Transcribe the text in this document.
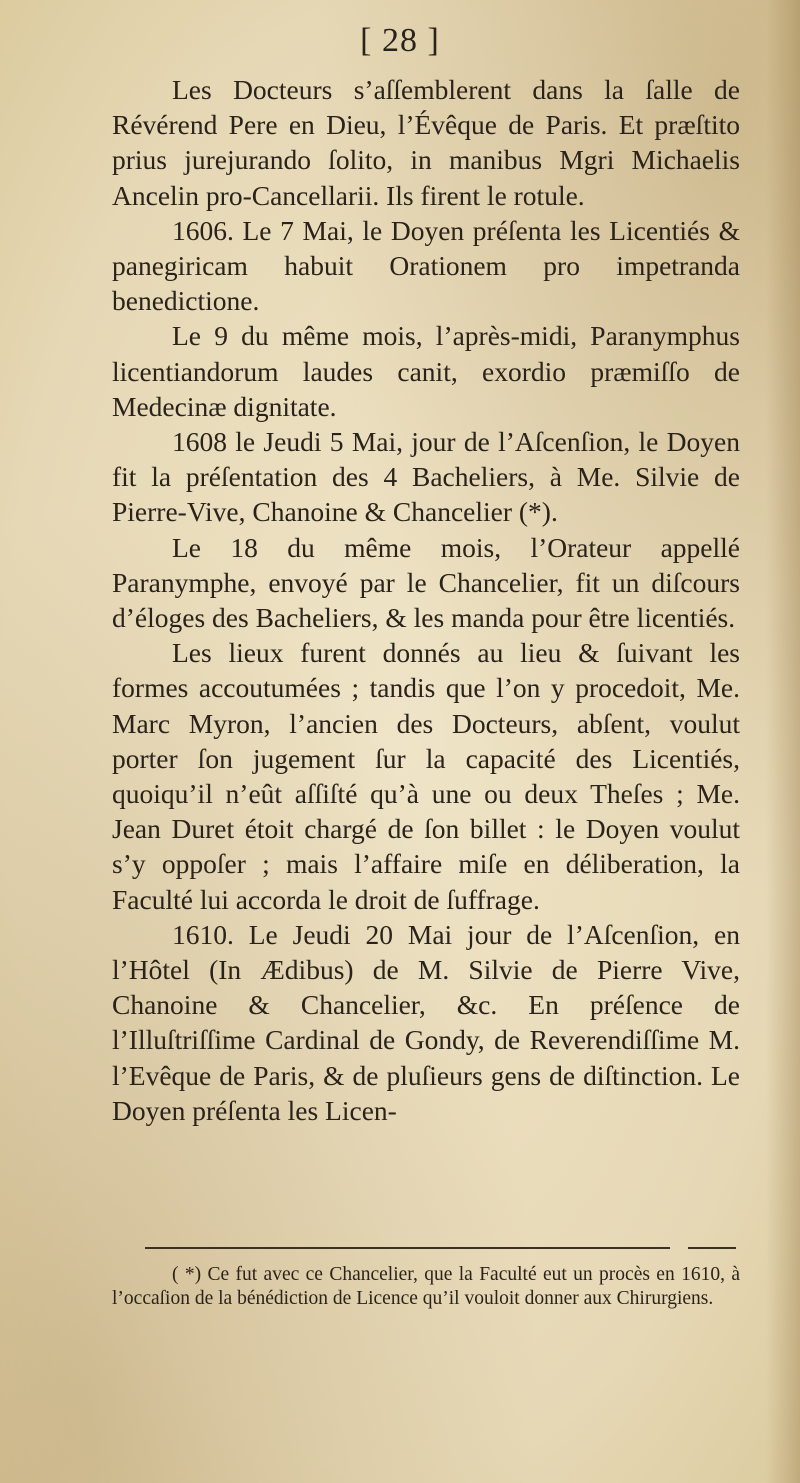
[ 28 ]

Les Docteurs s’aſſemblerent dans la ſalle de Révérend Pere en Dieu, l’Évêque de Paris. Et præſtito prius jurejurando ſolito, in manibus Mgri Michaelis Ancelin pro-Cancellarii. Ils firent le rotule.

1606. Le 7 Mai, le Doyen préſenta les Licentiés & panegiricam habuit Orationem pro impetranda benedictione.

Le 9 du même mois, l’après-midi, Paranymphus licentiandorum laudes canit, exordio præmiſſo de Medecinæ dignitate.

1608 le Jeudi 5 Mai, jour de l’Aſcenſion, le Doyen fit la préſentation des 4 Bacheliers, à Me. Silvie de Pierre-Vive, Chanoine & Chancelier (*).

Le 18 du même mois, l’Orateur appellé Paranymphe, envoyé par le Chancelier, fit un diſcours d’éloges des Bacheliers, & les manda pour être licentiés.

Les lieux furent donnés au lieu & ſuivant les formes accoutumées ; tandis que l’on y procedoit, Me. Marc Myron, l’ancien des Docteurs, abſent, voulut porter ſon jugement ſur la capacité des Licentiés, quoiqu’il n’eût aſſiſté qu’à une ou deux Theſes ; Me. Jean Duret étoit chargé de ſon billet : le Doyen voulut s’y oppoſer ; mais l’affaire miſe en déliberation, la Faculté lui accorda le droit de ſuffrage.

1610. Le Jeudi 20 Mai jour de l’Aſcenſion, en l’Hôtel (In Ædibus) de M. Silvie de Pierre Vive, Chanoine & Chancelier, &c. En préſence de l’Illuſtriſſime Cardinal de Gondy, de Reverendiſſime M. l’Evêque de Paris, & de pluſieurs gens de diſtinction. Le Doyen préſenta les Licen-

( *) Ce fut avec ce Chancelier, que la Faculté eut un procès en 1610, à l’occaſion de la bénédiction de Licence qu’il vouloit donner aux Chirurgiens.
